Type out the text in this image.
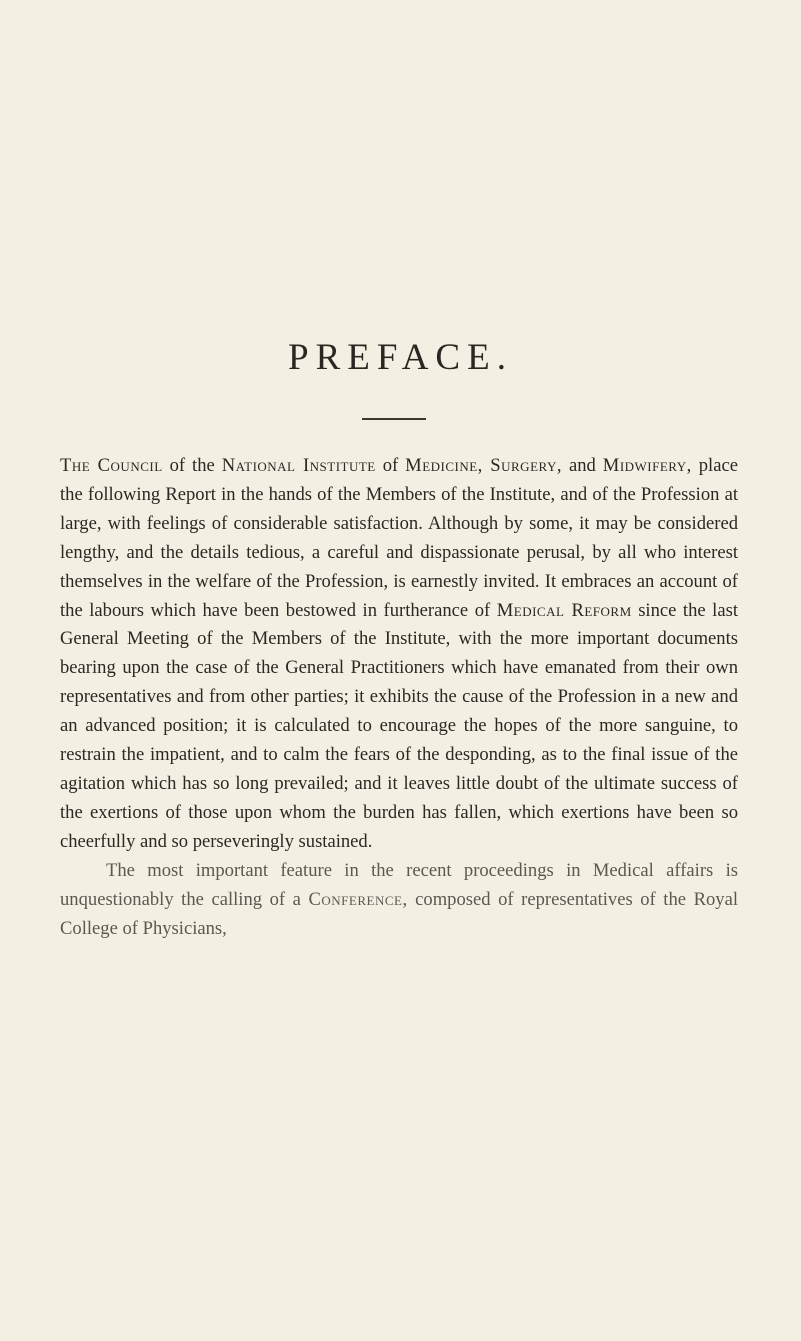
PREFACE.

The Council of the National Institute of Medicine, Surgery, and Midwifery, place the following Report in the hands of the Members of the Institute, and of the Profession at large, with feelings of considerable satisfaction. Although by some, it may be considered lengthy, and the details tedious, a careful and dispassionate perusal, by all who interest themselves in the welfare of the Profession, is earnestly invited. It embraces an account of the labours which have been bestowed in furtherance of Medical Reform since the last General Meeting of the Members of the Institute, with the more important documents bearing upon the case of the General Practitioners which have emanated from their own representatives and from other parties; it exhibits the cause of the Profession in a new and an advanced position; it is calculated to encourage the hopes of the more sanguine, to restrain the impatient, and to calm the fears of the desponding, as to the final issue of the agitation which has so long prevailed; and it leaves little doubt of the ultimate success of the exertions of those upon whom the burden has fallen, which exertions have been so cheerfully and so perseveringly sustained.

The most important feature in the recent proceedings in Medical affairs is unquestionably the calling of a Conference, composed of representatives of the Royal College of Physicians,
